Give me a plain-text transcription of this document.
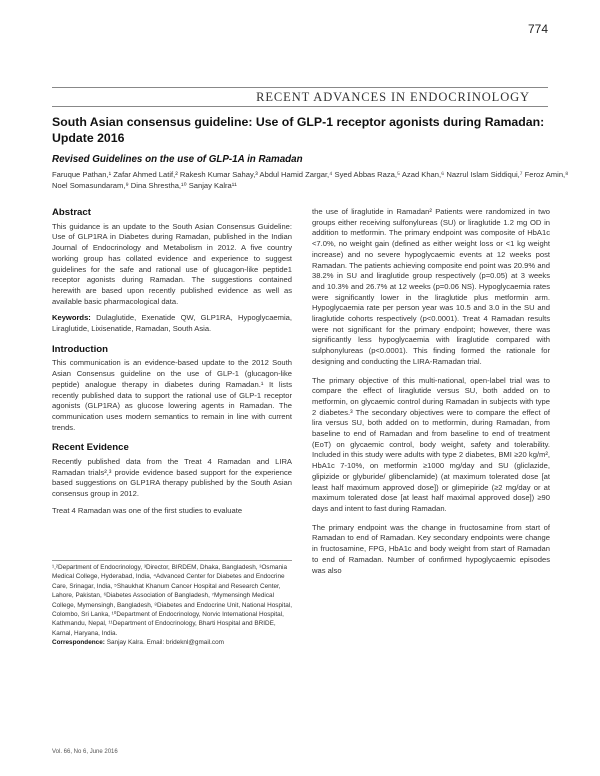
774
RECENT ADVANCES IN ENDOCRINOLOGY
South Asian consensus guideline: Use of GLP-1 receptor agonists during Ramadan: Update 2016
Revised Guidelines on the use of GLP-1A in Ramadan
Faruque Pathan,¹ Zafar Ahmed Latif,² Rakesh Kumar Sahay,³ Abdul Hamid Zargar,⁴ Syed Abbas Raza,⁵ Azad Khan,⁶ Nazrul Islam Siddiqui,⁷ Feroz Amin,⁸ Noel Somasundaram,⁹ Dina Shrestha,¹⁰ Sanjay Kalra¹¹
Abstract

This guidance is an update to the South Asian Consensus Guideline: Use of GLP1RA in Diabetes during Ramadan, published in the Indian Journal of Endocrinology and Metabolism in 2012. A five country working group has collated evidence and experience to suggest guidelines for the safe and rational use of glucagon-like peptide1 receptor agonists during Ramadan. The suggestions contained herewith are based upon recently published evidence as well as available basic pharmacological data.

Keywords: Dulaglutide, Exenatide QW, GLP1RA, Hypoglycaemia, Liraglutide, Lixisenatide, Ramadan, South Asia.

Introduction

This communication is an evidence-based update to the 2012 South Asian Consensus guideline on the use of GLP-1 (glucagon-like peptide) analogue therapy in diabetes during Ramadan.¹ It lists recently published data to support the rational use of GLP-1 receptor agonists (GLP1RA) as glucose lowering agents in Ramadan. The communication uses modern semantics to remain in line with current trends.

Recent Evidence

Recently published data from the Treat 4 Ramadan and LIRA Ramadan trials²,³ provide evidence based support for the experience based suggestions on GLP1RA therapy published by the South Asian consensus group in 2012.

Treat 4 Ramadan was one of the first studies to evaluate

¹,²Department of Endocrinology, ³Director, BIRDEM, Dhaka, Bangladesh, ³Osmania Medical College, Hyderabad, India, ⁴Advanced Center for Diabetes and Endocrine Care, Srinagar, India, ⁵Shaukhat Khanum Cancer Hospital and Research Center, Lahore, Pakistan, ⁶Diabetes Association of Bangladesh, ⁷Mymensingh Medical College, Mymensingh, Bangladesh, ⁸Diabetes and Endocrine Unit, National Hospital, Colombo, Sri Lanka, ¹⁰Department of Endocrinology, Norvic International Hospital, Kathmandu, Nepal, ¹¹Department of Endocrinology, Bharti Hospital and BRIDE, Karnal, Haryana, India.
Correspondence: Sanjay Kalra. Email: brideknl@gmail.com

the use of liraglutide in Ramadan² Patients were randomized in two groups either receiving sulfonylureas (SU) or liraglutide 1.2 mg OD in addition to metformin. The primary endpoint was composite of HbA1c <7.0%, no weight gain (defined as either weight loss or <1 kg weight increase) and no severe hypoglycaemic events at 12 weeks post Ramadan. The patients achieving composite end point was 20.9% and 38.2% in SU and liraglutide group respectively (p=0.05) at 3 weeks and 10.3% and 26.7% at 12 weeks (p=0.06 NS). Hypoglycaemia rates were significantly lower in the liraglutide plus metformin arm. Hypoglycaemia rate per person year was 10.5 and 3.0 in the SU and liraglutide cohorts respectively (p<0.0001). Treat 4 Ramadan results were not significant for the primary endpoint; however, there was significantly less hypoglycaemia with liraglutide compared with sulphonylureas (p<0.0001). This finding formed the rationale for designing and conducting the LIRA-Ramadan trial.

The primary objective of this multi-national, open-label trial was to compare the effect of liraglutide versus SU, both added on to metformin, on glycaemic control during Ramadan in subjects with type 2 diabetes.³ The secondary objectives were to compare the effect of lira versus SU, both added on to metformin, during Ramadan, from baseline to end of Ramadan and from baseline to end of treatment (EoT) on glycaemic control, body weight, safety and tolerability. Included in this study were adults with type 2 diabetes, BMI ≥20 kg/m², HbA1c 7-10%, on metformin ≥1000 mg/day and SU (gliclazide, glipizide or glyburide/ glibenclamide) (at maximum tolerated dose [at least half maximum approved dose]) or glimepiride (≥2 mg/day or at maximum tolerated dose [at least half maximal approved dose]) ≥90 days and intent to fast during Ramadan.

The primary endpoint was the change in fructosamine from start of Ramadan to end of Ramadan. Key secondary endpoints were change in fructosamine, FPG, HbA1c and body weight from start of Ramadan to end of Ramadan. Number of confirmed hypoglycaemic episodes was also

Vol. 66, No 6, June 2016
